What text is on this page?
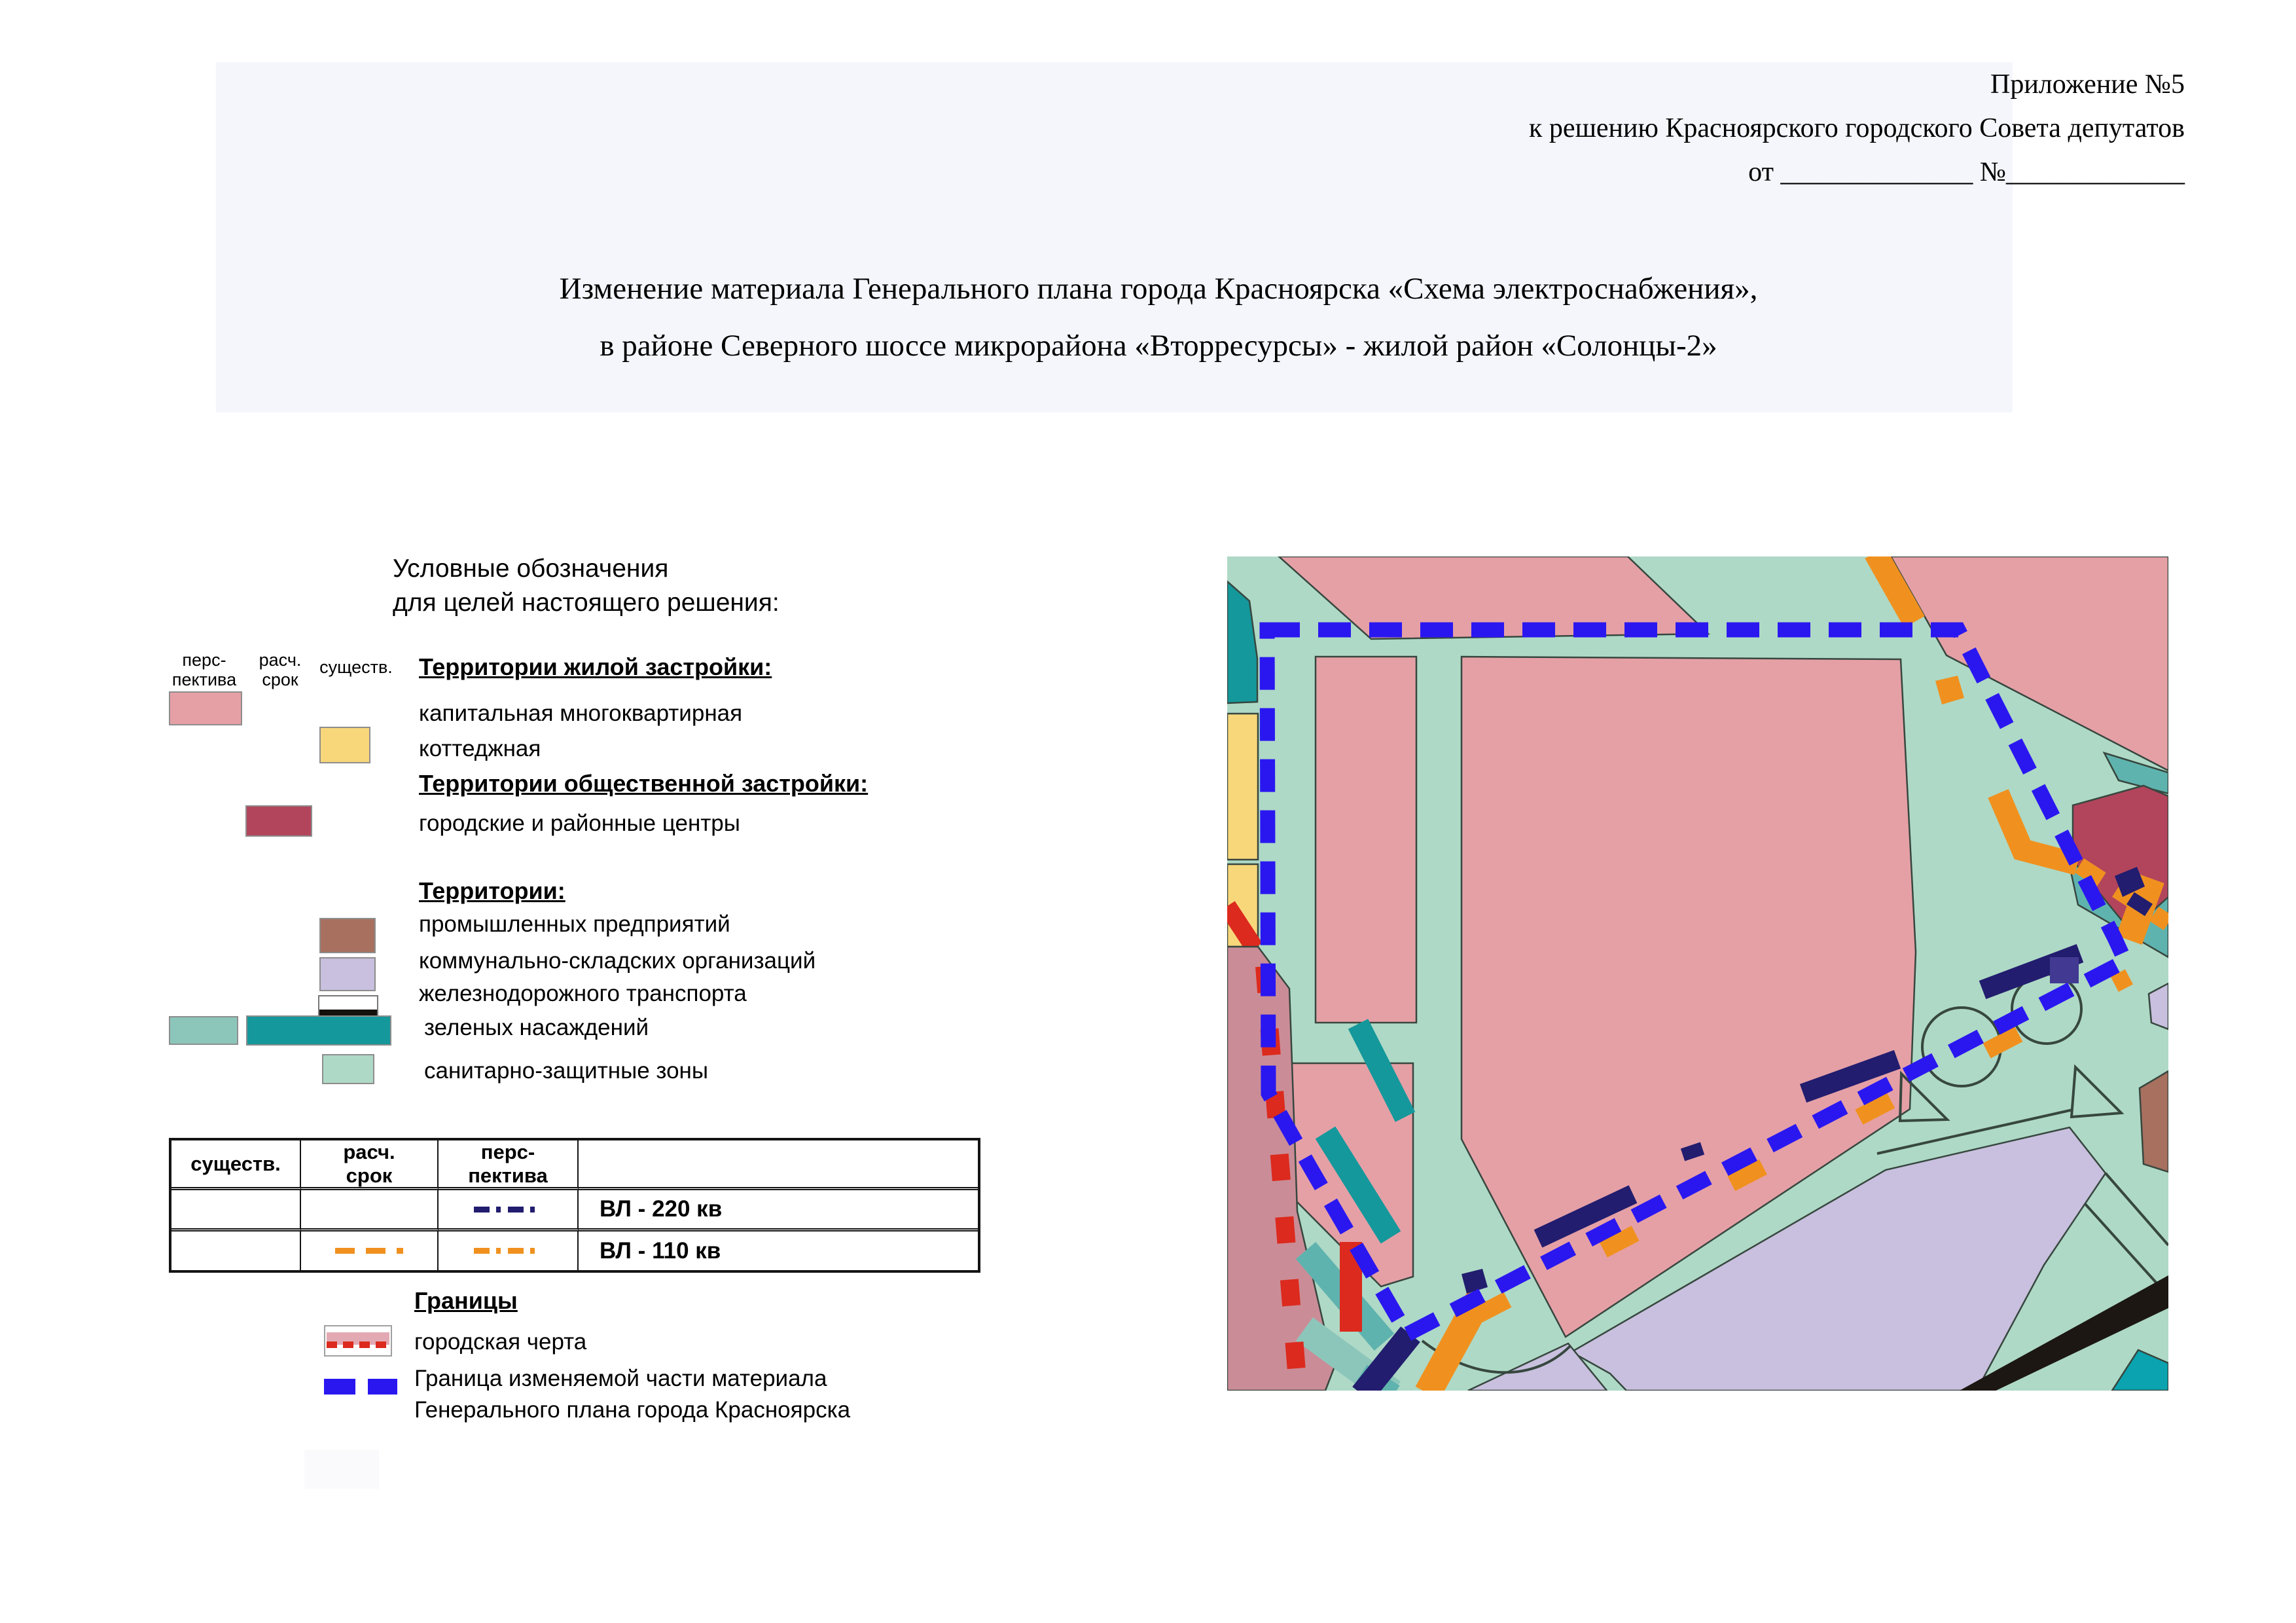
Приложение №5
к решению Красноярского городского Совета депутатов
от ______________ №_____________
Изменение материала Генерального плана города Красноярска «Схема электроснабжения»,
в районе Северного шоссе микрорайона «Вторресурсы» - жилой район «Солонцы-2»
Условные обозначения
для целей настоящего решения:
перс-
пектива
расч.
срок
существ. Территории жилой застройки:
капитальная многоквартирная
коттеджная
Территории общественной застройки:
городские и районные центры
Территории:
промышленных предприятий
коммунально-складских организаций
железнодорожного транспорта
зеленых насаждений
санитарно-защитные зоны
существ.
расч.
срок
перс-
пектива
ВЛ - 220 кв
ВЛ - 110 кв
Границы
городская черта
Граница изменяемой части материала
Генерального плана города Красноярска
